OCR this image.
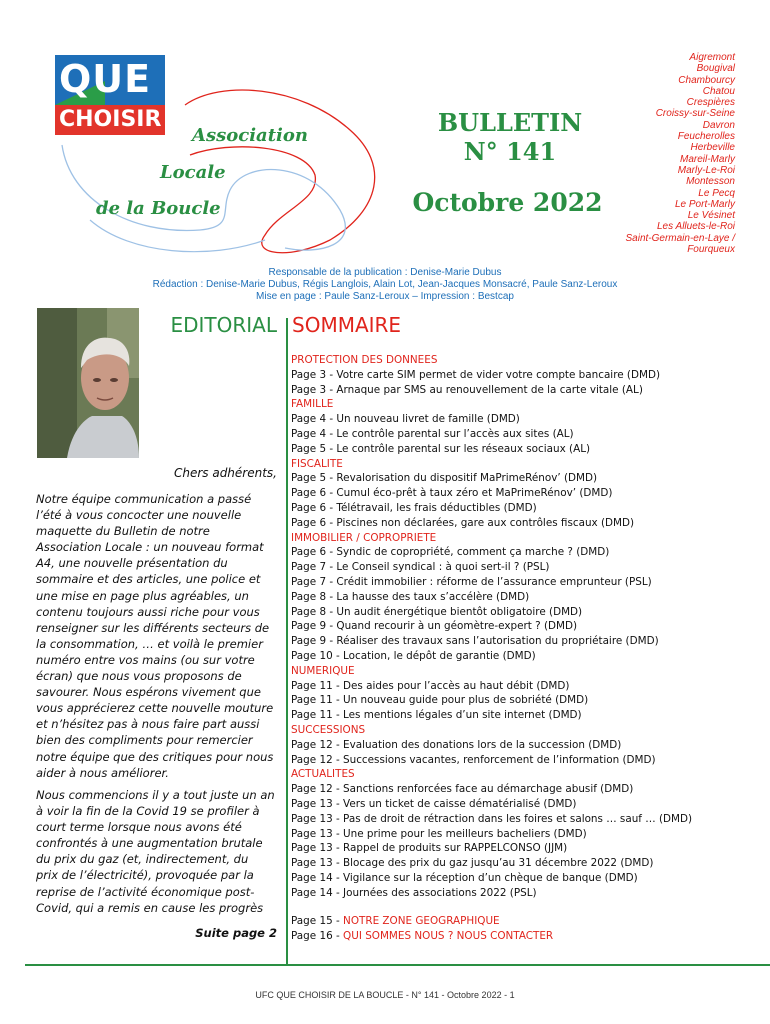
QUE
CHOISIR
Association
Locale
de la Boucle
BULLETIN
N° 141
Octobre 2022
Aigremont
Bougival
Chambourcy
Chatou
Crespières
Croissy-sur-Seine
Davron
Feucherolles
Herbeville
Mareil-Marly
Marly-Le-Roi
Montesson
Le Pecq
Le Port-Marly
Le Vésinet
Les Alluets-le-Roi
Saint-Germain-en-Laye /
Fourqueux
Responsable de la publication : Denise-Marie Dubus
Rédaction : Denise-Marie Dubus, Régis Langlois, Alain Lot, Jean-Jacques Monsacré, Paule Sanz-Leroux
Mise en page : Paule Sanz-Leroux – Impression : Bestcap
EDITORIAL SOMMAIRE
Chers adhérents,
Notre équipe communication a passé
l’été à vous concocter une nouvelle
maquette du Bulletin de notre
Association Locale : un nouveau format
A4, une nouvelle présentation du
sommaire et des articles, une police et
une mise en page plus agréables, un
contenu toujours aussi riche pour vous
renseigner sur les différents secteurs de
la consommation, … et voilà le premier
numéro entre vos mains (ou sur votre
écran) que nous vous proposons de
savourer. Nous espérons vivement que
vous apprécierez cette nouvelle mouture
et n’hésitez pas à nous faire part aussi
bien des compliments pour remercier
notre équipe que des critiques pour nous
aider à nous améliorer.
Nous commencions il y a tout juste un an
à voir la fin de la Covid 19 se profiler à
court terme lorsque nous avons été
confrontés à une augmentation brutale
du prix du gaz (et, indirectement, du
prix de l’électricité), provoquée par la
reprise de l’activité économique post-
Covid, qui a remis en cause les progrès
Suite page 2
PROTECTION DES DONNEES
Page 3 - Votre carte SIM permet de vider votre compte bancaire (DMD)
Page 3 - Arnaque par SMS au renouvellement de la carte vitale (AL)
FAMILLE
Page 4 - Un nouveau livret de famille (DMD)
Page 4 - Le contrôle parental sur l’accès aux sites (AL)
Page 5 - Le contrôle parental sur les réseaux sociaux (AL)
FISCALITE
Page 5 - Revalorisation du dispositif MaPrimeRénov’ (DMD)
Page 6 - Cumul éco-prêt à taux zéro et MaPrimeRénov’ (DMD)
Page 6 - Télétravail, les frais déductibles (DMD)
Page 6 - Piscines non déclarées, gare aux contrôles fiscaux (DMD)
IMMOBILIER / COPROPRIETE
Page 6 - Syndic de copropriété, comment ça marche ? (DMD)
Page 7 - Le Conseil syndical : à quoi sert-il ? (PSL)
Page 7 - Crédit immobilier : réforme de l’assurance emprunteur (PSL)
Page 8 - La hausse des taux s’accélère (DMD)
Page 8 - Un audit énergétique bientôt obligatoire (DMD)
Page 9 - Quand recourir à un géomètre-expert ? (DMD)
Page 9 - Réaliser des travaux sans l’autorisation du propriétaire (DMD)
Page 10 - Location, le dépôt de garantie (DMD)
NUMERIQUE
Page 11 - Des aides pour l’accès au haut débit (DMD)
Page 11 - Un nouveau guide pour plus de sobriété (DMD)
Page 11 - Les mentions légales d’un site internet (DMD)
SUCCESSIONS
Page 12 - Evaluation des donations lors de la succession (DMD)
Page 12 - Successions vacantes, renforcement de l’information (DMD)
ACTUALITES
Page 12 - Sanctions renforcées face au démarchage abusif (DMD)
Page 13 - Vers un ticket de caisse dématérialisé (DMD)
Page 13 - Pas de droit de rétraction dans les foires et salons … sauf … (DMD)
Page 13 - Une prime pour les meilleurs bacheliers (DMD)
Page 13 - Rappel de produits sur RAPPELCONSO (JJM)
Page 13 - Blocage des prix du gaz jusqu’au 31 décembre 2022 (DMD)
Page 14 - Vigilance sur la réception d’un chèque de banque (DMD)
Page 14 - Journées des associations 2022 (PSL)
Page 15 - NOTRE ZONE GEOGRAPHIQUE
Page 16 - QUI SOMMES NOUS ? NOUS CONTACTER
UFC QUE CHOISIR DE LA BOUCLE - N° 141 - Octobre 2022 - 1
